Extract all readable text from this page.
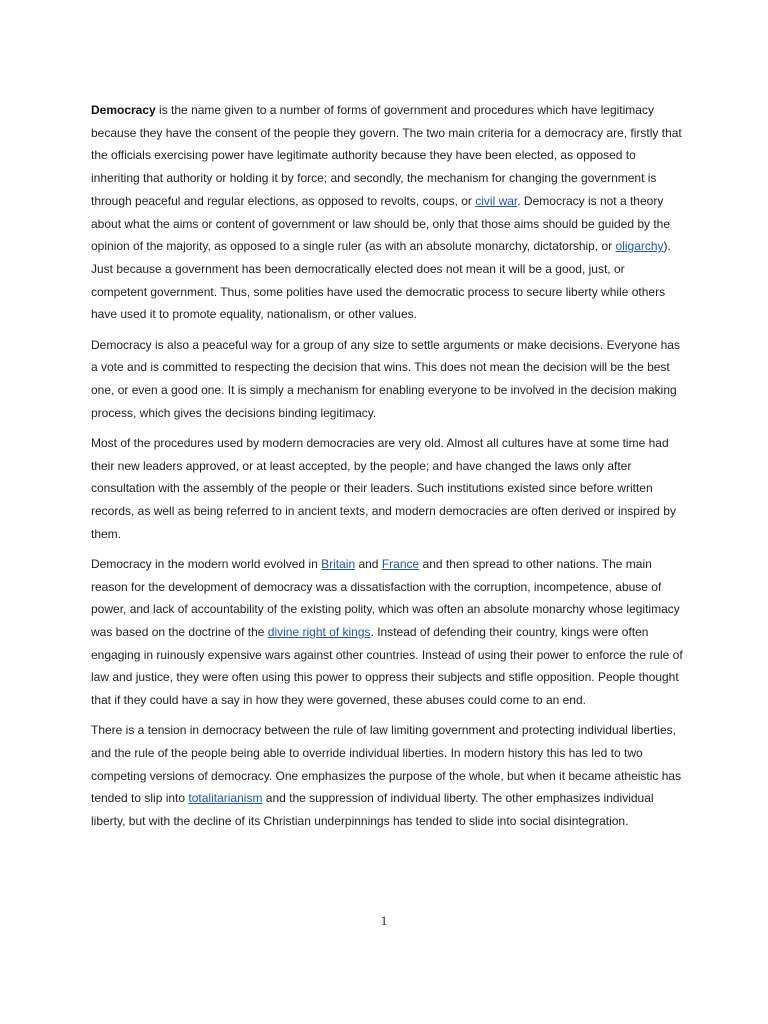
Democracy is the name given to a number of forms of government and procedures which have legitimacy because they have the consent of the people they govern. The two main criteria for a democracy are, firstly that the officials exercising power have legitimate authority because they have been elected, as opposed to inheriting that authority or holding it by force; and secondly, the mechanism for changing the government is through peaceful and regular elections, as opposed to revolts, coups, or civil war. Democracy is not a theory about what the aims or content of government or law should be, only that those aims should be guided by the opinion of the majority, as opposed to a single ruler (as with an absolute monarchy, dictatorship, or oligarchy). Just because a government has been democratically elected does not mean it will be a good, just, or competent government. Thus, some polities have used the democratic process to secure liberty while others have used it to promote equality, nationalism, or other values.

Democracy is also a peaceful way for a group of any size to settle arguments or make decisions. Everyone has a vote and is committed to respecting the decision that wins. This does not mean the decision will be the best one, or even a good one. It is simply a mechanism for enabling everyone to be involved in the decision making process, which gives the decisions binding legitimacy.

Most of the procedures used by modern democracies are very old. Almost all cultures have at some time had their new leaders approved, or at least accepted, by the people; and have changed the laws only after consultation with the assembly of the people or their leaders. Such institutions existed since before written records, as well as being referred to in ancient texts, and modern democracies are often derived or inspired by them.

Democracy in the modern world evolved in Britain and France and then spread to other nations. The main reason for the development of democracy was a dissatisfaction with the corruption, incompetence, abuse of power, and lack of accountability of the existing polity, which was often an absolute monarchy whose legitimacy was based on the doctrine of the divine right of kings. Instead of defending their country, kings were often engaging in ruinously expensive wars against other countries. Instead of using their power to enforce the rule of law and justice, they were often using this power to oppress their subjects and stifle opposition. People thought that if they could have a say in how they were governed, these abuses could come to an end.

There is a tension in democracy between the rule of law limiting government and protecting individual liberties, and the rule of the people being able to override individual liberties. In modern history this has led to two competing versions of democracy. One emphasizes the purpose of the whole, but when it became atheistic has tended to slip into totalitarianism and the suppression of individual liberty. The other emphasizes individual liberty, but with the decline of its Christian underpinnings has tended to slide into social disintegration.

1
